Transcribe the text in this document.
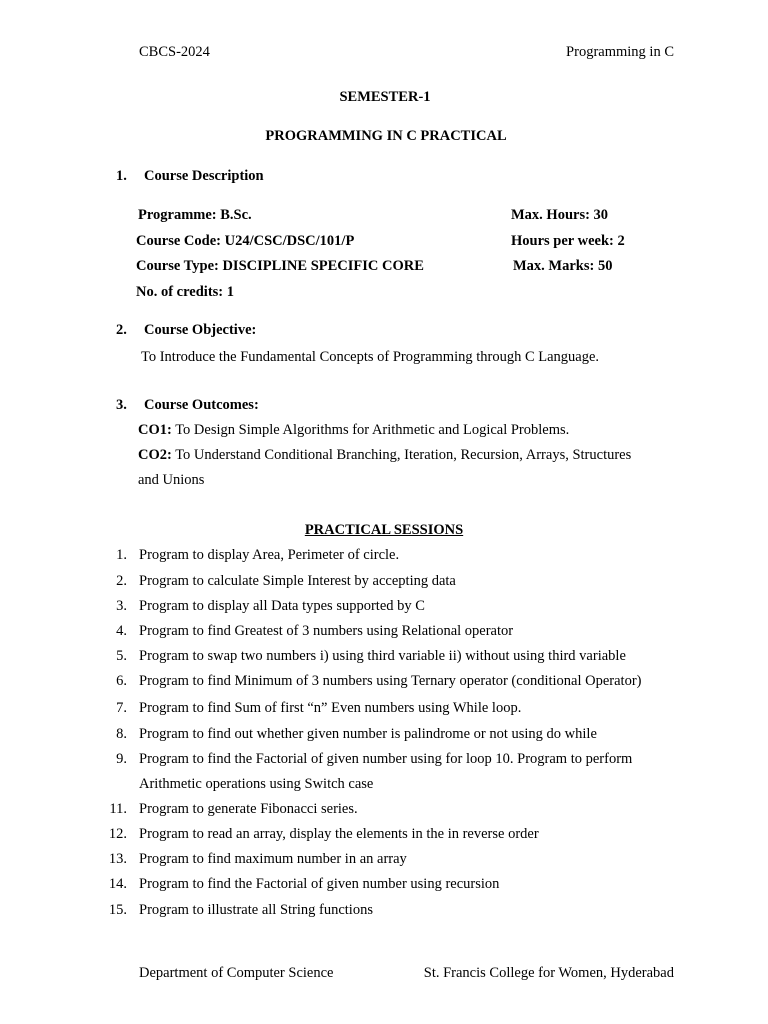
CBCS-2024	Programming in C
SEMESTER-1
PROGRAMMING IN C PRACTICAL
1. Course Description
Programme: B.Sc.
Course Code: U24/CSC/DSC/101/P
Course Type: DISCIPLINE SPECIFIC CORE
No. of credits: 1
Max. Hours: 30
Hours per week: 2
Max. Marks: 50
2. Course Objective:
To Introduce the Fundamental Concepts of Programming through C Language.
3. Course Outcomes:
CO1: To Design Simple Algorithms for Arithmetic and Logical Problems.
CO2: To Understand Conditional Branching, Iteration, Recursion, Arrays, Structures
and Unions
PRACTICAL SESSIONS
1. Program to display Area, Perimeter of circle.
2. Program to calculate Simple Interest by accepting data
3. Program to display all Data types supported by C
4. Program to find Greatest of 3 numbers using Relational operator
5. Program to swap two numbers i) using third variable ii) without using third variable
6. Program to find Minimum of 3 numbers using Ternary operator (conditional Operator)
7. Program to find Sum of first “n” Even numbers using While loop.
8. Program to find out whether given number is palindrome or not using do while
9. Program to find the Factorial of given number using for loop 10. Program to perform
Arithmetic operations using Switch case
11. Program to generate Fibonacci series.
12. Program to read an array, display the elements in the in reverse order
13. Program to find maximum number in an array
14. Program to find the Factorial of given number using recursion
15. Program to illustrate all String functions
Department of Computer Science	St. Francis College for Women, Hyderabad
